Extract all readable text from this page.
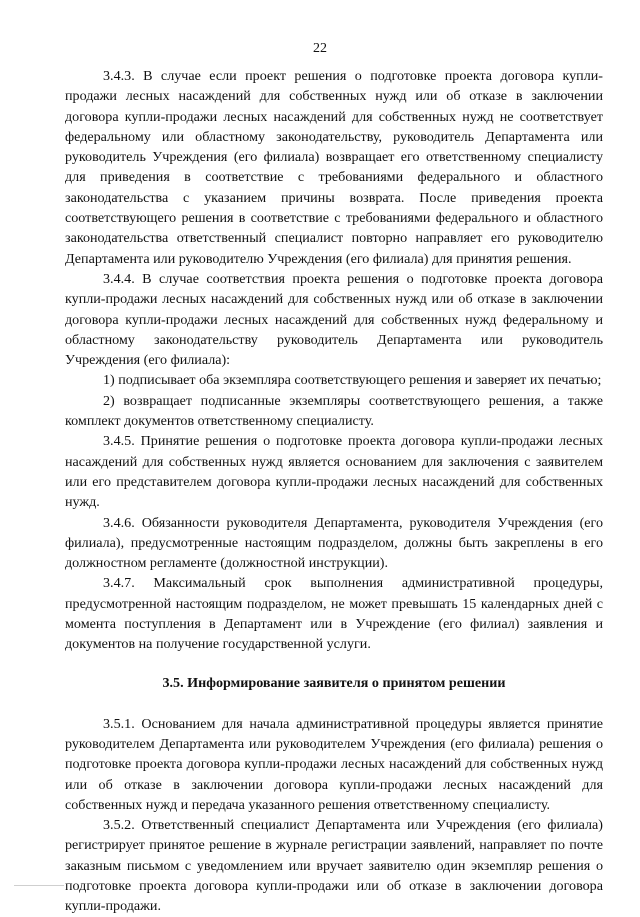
22

3.4.3. В случае если проект решения о подготовке проекта договора купли-продажи лесных насаждений для собственных нужд или об отказе в заключении договора купли-продажи лесных насаждений для собственных нужд не соответствует федеральному или областному законодательству, руководитель Департамента или руководитель Учреждения (его филиала) возвращает его ответственному специалисту для приведения в соответствие с требованиями федерального и областного законодательства с указанием причины возврата. После приведения проекта соответствующего решения в соответствие с требованиями федерального и областного законодательства ответственный специалист повторно направляет его руководителю Департамента или руководителю Учреждения (его филиала) для принятия решения.

3.4.4. В случае соответствия проекта решения о подготовке проекта договора купли-продажи лесных насаждений для собственных нужд или об отказе в заключении договора купли-продажи лесных насаждений для собственных нужд федеральному и областному законодательству руководитель Департамента или руководитель Учреждения (его филиала):

1) подписывает оба экземпляра соответствующего решения и заверяет их печатью;

2) возвращает подписанные экземпляры соответствующего решения, а также комплект документов ответственному специалисту.

3.4.5. Принятие решения о подготовке проекта договора купли-продажи лесных насаждений для собственных нужд является основанием для заключения с заявителем или его представителем договора купли-продажи лесных насаждений для собственных нужд.

3.4.6. Обязанности руководителя Департамента, руководителя Учреждения (его филиала), предусмотренные настоящим подразделом, должны быть закреплены в его должностном регламенте (должностной инструкции).

3.4.7. Максимальный срок выполнения административной процедуры, предусмотренной настоящим подразделом, не может превышать 15 календарных дней с момента поступления в Департамент или в Учреждение (его филиал) заявления и документов на получение государственной услуги.

3.5. Информирование заявителя о принятом решении

3.5.1. Основанием для начала административной процедуры является принятие руководителем Департамента или руководителем Учреждения (его филиала) решения о подготовке проекта договора купли-продажи лесных насаждений для собственных нужд или об отказе в заключении договора купли-продажи лесных насаждений для собственных нужд и передача указанного решения ответственному специалисту.

3.5.2. Ответственный специалист Департамента или Учреждения (его филиала) регистрирует принятое решение в журнале регистрации заявлений, направляет по почте заказным письмом с уведомлением или вручает заявителю один экземпляр решения о подготовке проекта договора купли-продажи или об отказе в заключении договора купли-продажи.
